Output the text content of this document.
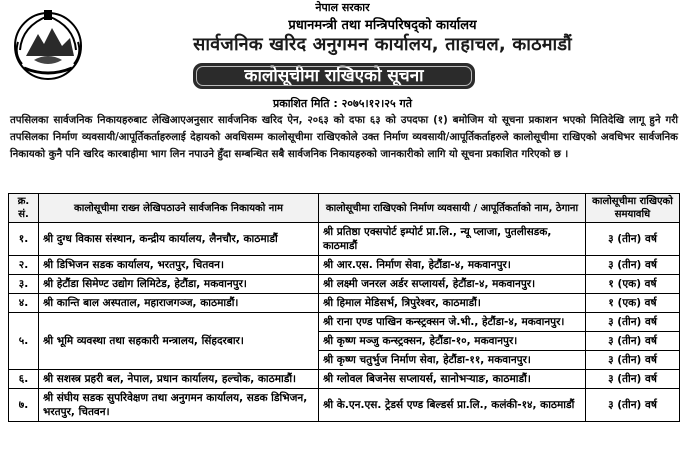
नेपाल सरकार
प्रधानमन्त्री तथा मन्त्रिपरिषद्को कार्यालय
सार्वजनिक खरिद अनुगमन कार्यालय, ताहाचल, काठमाडौं
कालोसूचीमा राखिएको सूचना
प्रकाशित मिति : २०७५।१२।२५ गते

तपसिलका सार्वजनिक निकायहरुबाट लेखिआएअनुसार सार्वजनिक खरिद ऐन, २०६३ को दफा ६३ को उपदफा (१) बमोजिम यो सूचना प्रकाशन भएको मितिदेखि लागू हुने गरी तपसिलका निर्माण व्यवसायी/आपूर्तिकर्ताहरुलाई देहायको अवधिसम्म कालोसूचीमा राखिएकोले उक्त निर्माण व्यवसायी/आपूर्तिकर्ताहरुले कालोसूचीमा राखिएको अवधिभर सार्वजनिक निकायको कुनै पनि खरिद कारबाहीमा भाग लिन नपाउने हुँदा सम्बन्धित सबै सार्वजनिक निकायहरुको जानकारीको लागि यो सूचना प्रकाशित गरिएको छ ।

क्र. सं.	कालोसूचीमा राख्न लेखिपठाउने सार्वजनिक निकायको नाम	कालोसूचीमा राखिएको निर्माण व्यवसायी / आपूर्तिकर्ताको नाम, ठेगाना	कालोसूचीमा राखिएको समयावधि
१.	श्री दुग्ध विकास संस्थान, कन्द्रीय कार्यालय, लैनचौर, काठमाडौं	श्री प्रतिष्ठा एक्सपोर्ट इम्पोर्ट प्रा.लि., न्यू प्लाजा, पुतलीसडक, काठमाडौं	३ (तीन) वर्ष
२.	श्री डिभिजन सडक कार्यालय, भरतपुर, चितवन।	श्री आर.एस. निर्माण सेवा, हेटौंडा-४, मकवानपुर।	३ (तीन) वर्ष
३.	श्री हेटौंडा सिमेण्ट उद्योग लिमिटेड, हेटौंडा, मकवानपुर।	श्री लक्ष्मी जनरल अर्डर सप्लायर्स, हेटौंडा-४, मकवानपुर।	१ (एक) वर्ष
४.	श्री कान्ति बाल अस्पताल, महाराजगञ्ज, काठमाडौं।	श्री हिमाल मेडिसर्भ, त्रिपुरेश्वर, काठमाडौं।	१ (एक) वर्ष
५.	श्री भूमि व्यवस्था तथा सहकारी मन्त्रालय, सिंहदरबार।	श्री राना एण्ड पाखिन कन्स्ट्रक्सन जे.भी., हेटौंडा-४, मकवानपुर।	३ (तीन) वर्ष
		श्री कृष्ण मञ्जु कन्स्ट्रक्सन, हेटौंडा-१०, मकवानपुर।	३ (तीन) वर्ष
		श्री कृष्ण चतुर्भुज निर्माण सेवा, हेटौंडा-११, मकवानपुर।	३ (तीन) वर्ष
६.	श्री सशस्त्र प्रहरी बल, नेपाल, प्रधान कार्यालय, हल्चोक, काठमाडौं।	श्री ग्लोवल बिजनेस सप्लायर्स, सानोभऱ्याङ, काठमाडौं।	३ (तीन) वर्ष
७.	श्री संघीय सडक सुपरिवेक्षण तथा अनुगमन कार्यालय, सडक डिभिजन, भरतपुर, चितवन।	श्री के.एन.एस. ट्रेडर्स एण्ड बिल्डर्स प्रा.लि., कलंकी-१४, काठमाडौं	३ (तीन) वर्ष
